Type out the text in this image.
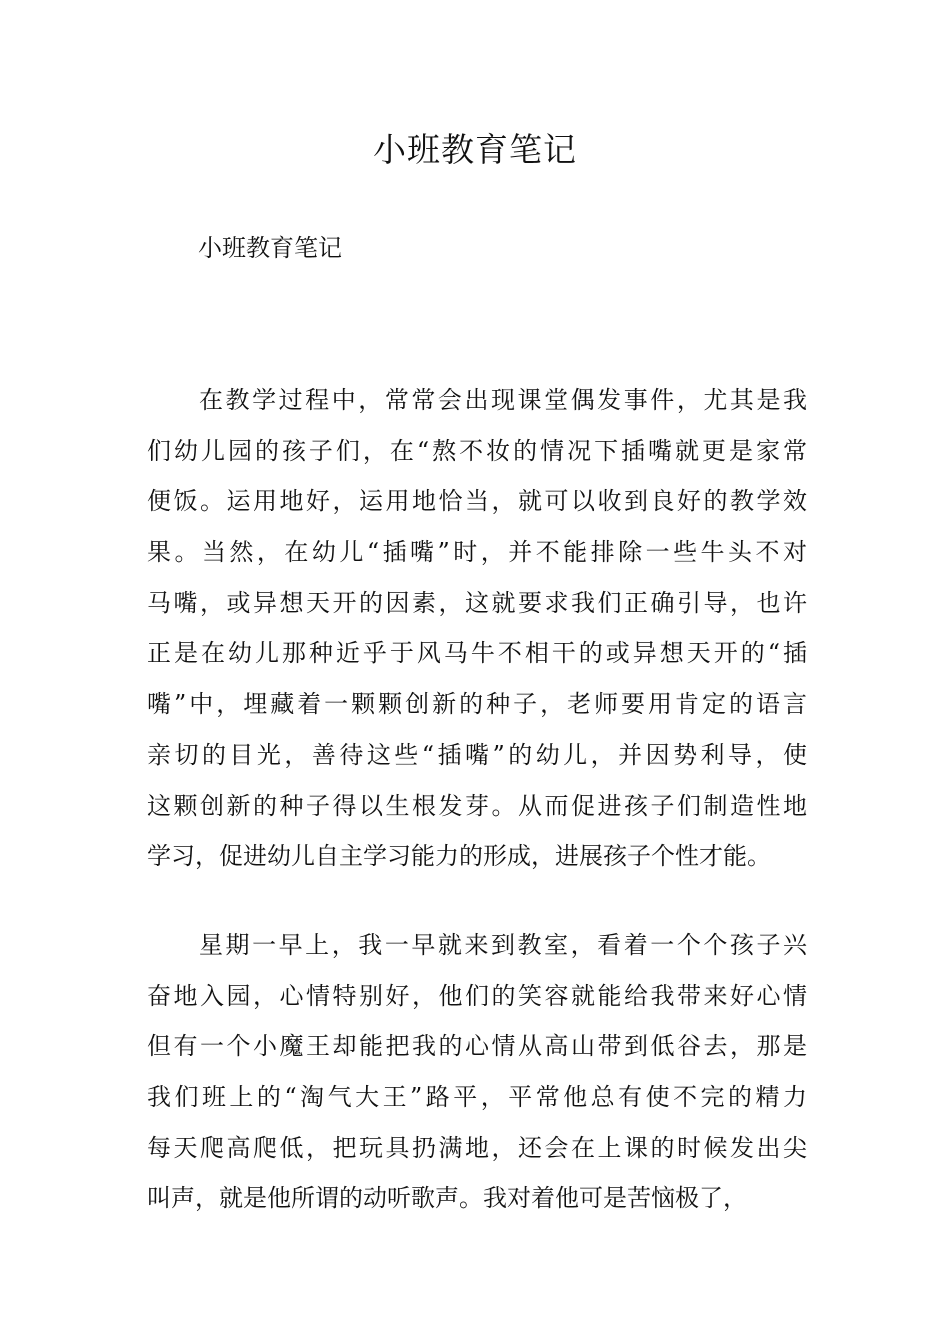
小班教育笔记

小班教育笔记

在教学过程中，常常会出现课堂偶发事件，尤其是我
们幼儿园的孩子们，在“熬不妆的情况下插嘴就更是家常
便饭。运用地好，运用地恰当，就可以收到良好的教学效
果。当然，在幼儿“插嘴”时，并不能排除一些牛头不对
马嘴，或异想天开的因素，这就要求我们正确引导，也许
正是在幼儿那种近乎于风马牛不相干的或异想天开的“插
嘴”中，埋藏着一颗颗创新的种子，老师要用肯定的语言
亲切的目光，善待这些“插嘴”的幼儿，并因势利导，使
这颗创新的种子得以生根发芽。从而促进孩子们制造性地
学习，促进幼儿自主学习能力的形成，进展孩子个性才能。
星期一早上，我一早就来到教室，看着一个个孩子兴
奋地入园，心情特别好，他们的笑容就能给我带来好心情
但有一个小魔王却能把我的心情从高山带到低谷去，那是
我们班上的“淘气大王”路平，平常他总有使不完的精力
每天爬高爬低，把玩具扔满地，还会在上课的时候发出尖
叫声，就是他所谓的动听歌声。我对着他可是苦恼极了，
